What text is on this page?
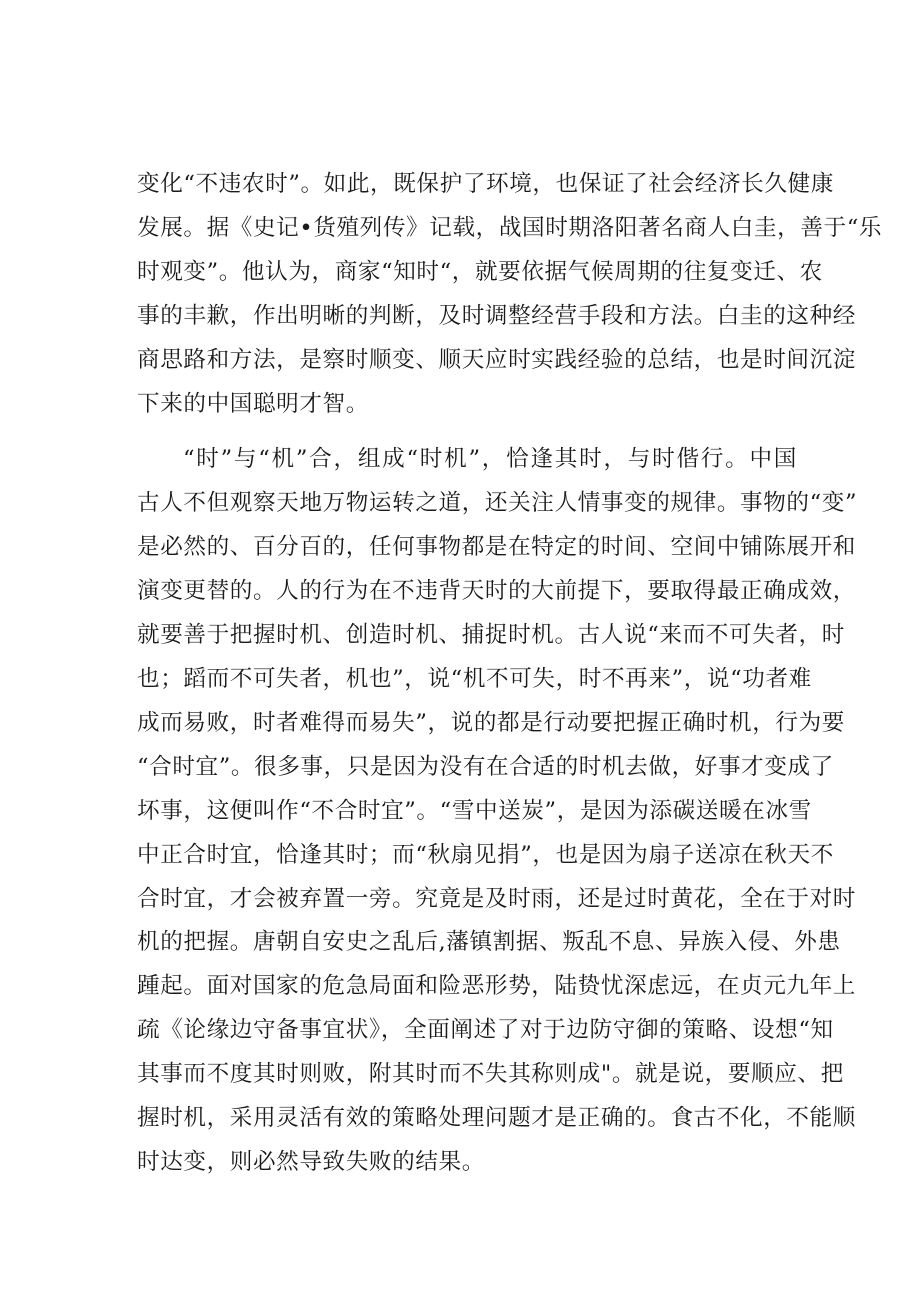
变化“不违农时”。如此，既保护了环境，也保证了社会经济长久健康
发展。据《史记•货殖列传》记载，战国时期洛阳著名商人白圭，善于“乐
时观变”。他认为，商家“知时“，就要依据气候周期的往复变迁、农
事的丰歉，作出明晰的判断，及时调整经营手段和方法。白圭的这种经
商思路和方法，是察时顺变、顺天应时实践经验的总结，也是时间沉淀
下来的中国聪明才智。

“时”与“机”合，组成“时机”，恰逢其时，与时偕行。中国
古人不但观察天地万物运转之道，还关注人情事变的规律。事物的“变”
是必然的、百分百的，任何事物都是在特定的时间、空间中铺陈展开和
演变更替的。人的行为在不违背天时的大前提下，要取得最正确成效，
就要善于把握时机、创造时机、捕捉时机。古人说“来而不可失者，时
也；蹈而不可失者，机也”，说“机不可失，时不再来”，说“功者难
成而易败，时者难得而易失”，说的都是行动要把握正确时机，行为要
“合时宜”。很多事，只是因为没有在合适的时机去做，好事才变成了
坏事，这便叫作“不合时宜”。“雪中送炭”，是因为添碳送暖在冰雪
中正合时宜，恰逢其时；而“秋扇见捐”，也是因为扇子送凉在秋天不
合时宜，才会被弃置一旁。究竟是及时雨，还是过时黄花，全在于对时
机的把握。唐朝自安史之乱后,藩镇割据、叛乱不息、异族入侵、外患
踵起。面对国家的危急局面和险恶形势，陆贽忧深虑远，在贞元九年上
疏《论缘边守备事宜状》，全面阐述了对于边防守御的策略、设想“知
其事而不度其时则败，附其时而不失其称则成"。就是说，要顺应、把
握时机，采用灵活有效的策略处理问题才是正确的。食古不化，不能顺
时达变，则必然导致失败的结果。
